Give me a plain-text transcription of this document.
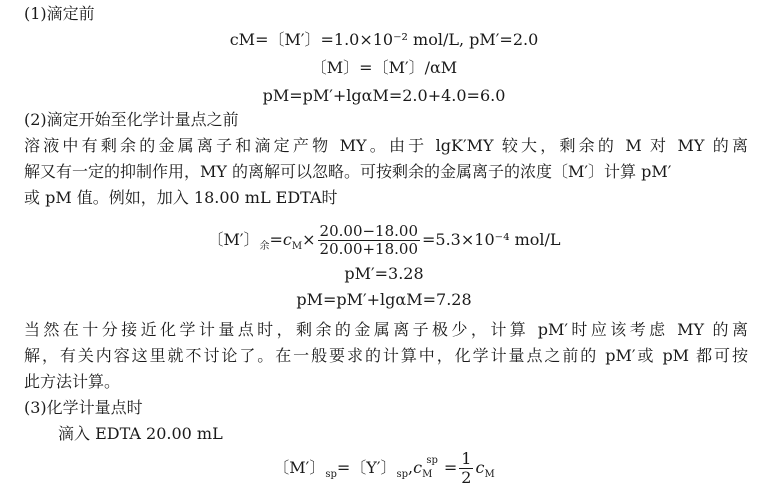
(1)滴定前
cM=〔M′〕=1.0×10⁻² mol/L, pM′=2.0
〔M〕=〔M′〕/αM
pM=pM′+lgαM=2.0+4.0=6.0
(2)滴定开始至化学计量点之前
溶液中有剩余的金属离子和滴定产物 MY。由于 lgK′MY 较大，剩余的 M 对 MY 的离
解又有一定的抑制作用，MY 的离解可以忽略。可按剩余的金属离子的浓度〔M′〕计算 pM′
或 pM 值。例如，加入 18.00 mL EDTA时
〔M′〕$_余=c_M\times \frac{20.00-18.00}{20.00+18.00} =5.3\times 10^{-4}$ mol/L
pM′=3.28
pM=pM′+lgαM=7.28
当然在十分接近化学计量点时，剩余的金属离子极少，计算 pM′时应该考虑 MY 的离
解，有关内容这里就不讨论了。在一般要求的计算中，化学计量点之前的 pM′或 pM 都可按
此方法计算。
(3)化学计量点时
滴入 EDTA 20.00 mL
〔M′〕$_{sp}$=〔Y′〕$_{sp},c_M^{sp} = \frac{1}{2} c_M$
